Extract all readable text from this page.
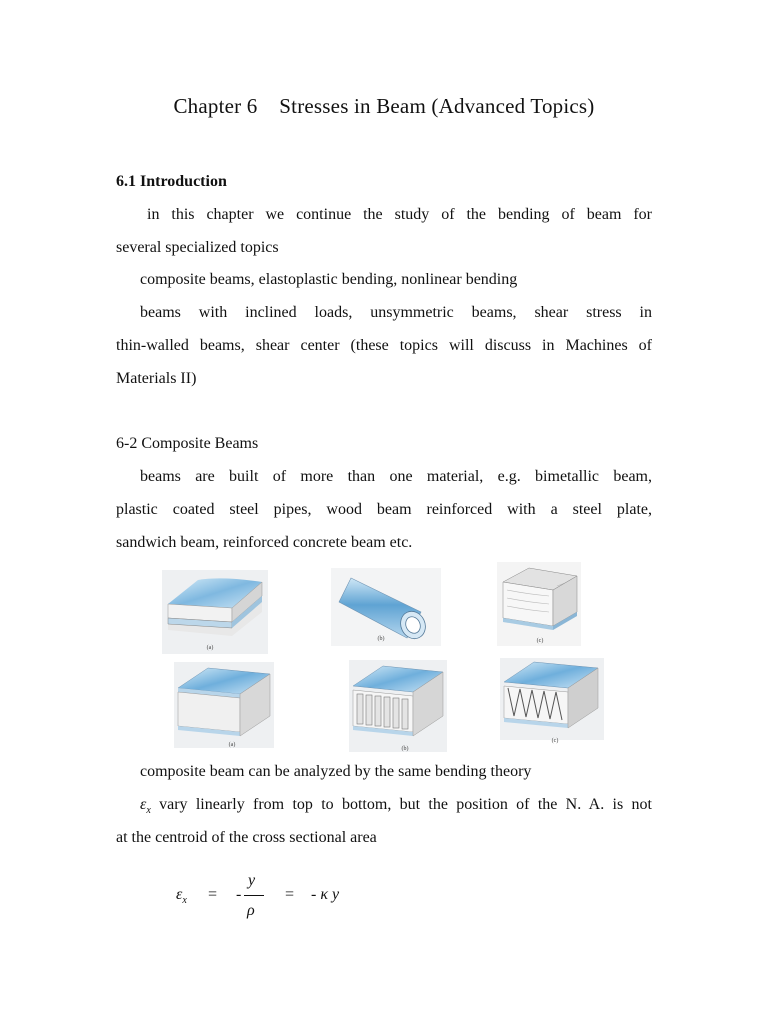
Chapter 6    Stresses in Beam (Advanced Topics)
6.1 Introduction
in this chapter we continue the study of the bending of beam for
several specialized topics
composite beams, elastoplastic bending, nonlinear bending
beams with inclined loads, unsymmetric beams, shear stress in
thin-walled beams, shear center (these topics will discuss in Machines of
Materials II)
6-2 Composite Beams
beams are built of more than one material, e.g. bimetallic beam,
plastic coated steel pipes, wood beam reinforced with a steel plate,
sandwich beam, reinforced concrete beam etc.
(a)
(b)	(c)
(a)
(b)
(c)
composite beam can be analyzed by the same bending theory
$\varepsilon_x$ vary linearly from top to bottom, but the position of the N. A. is not
at the centroid of the cross sectional area
$\varepsilon_x$ = -
y
ρ
= - κ y
